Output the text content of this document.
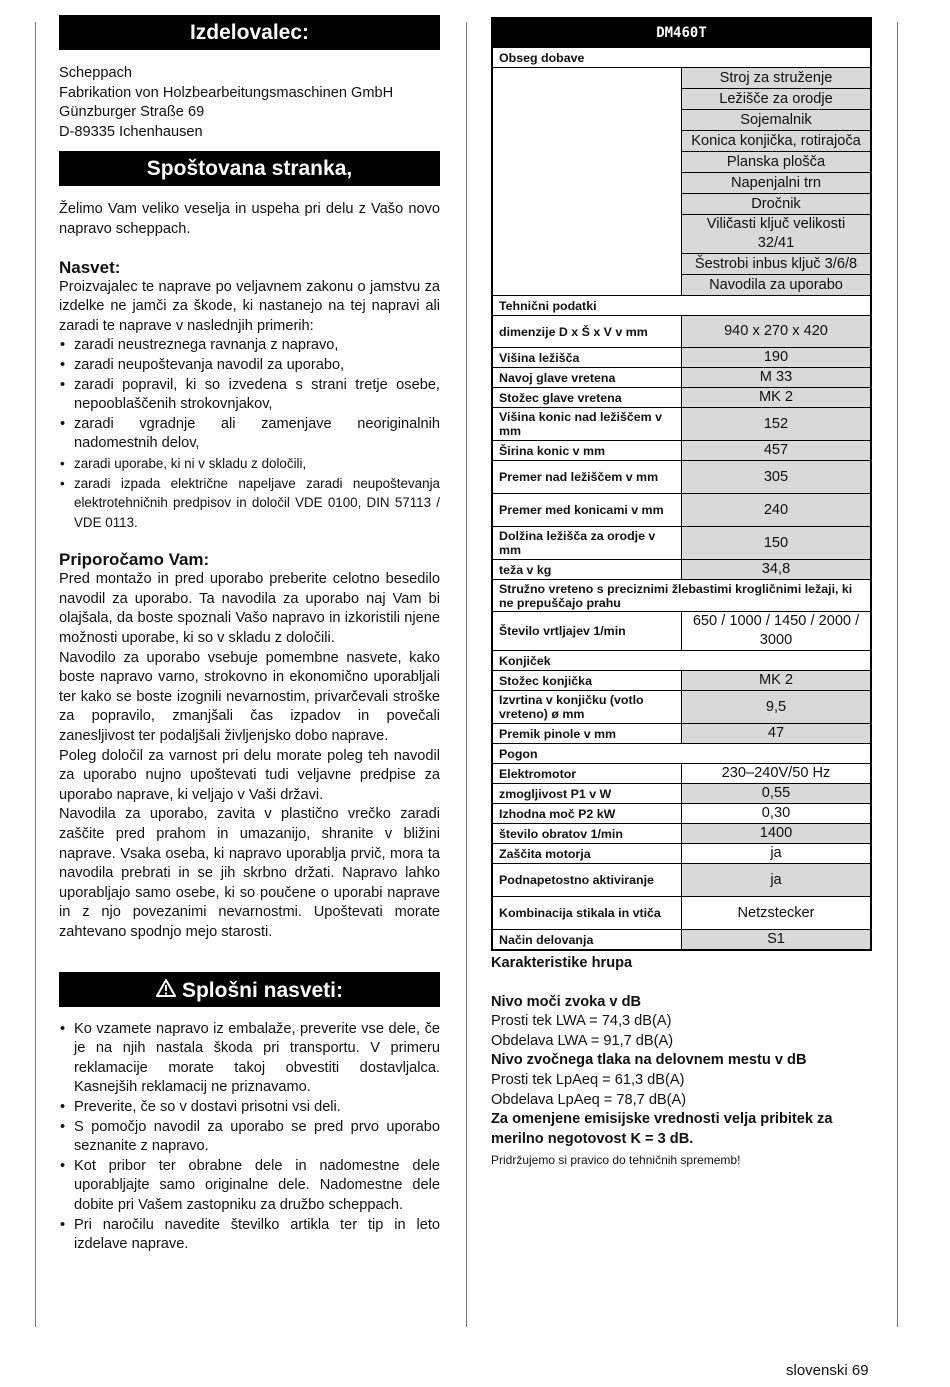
Izdelovalec:
Scheppach
Fabrikation von Holzbearbeitungsmaschinen GmbH
Günzburger Straße 69
D-89335 Ichenhausen
Spoštovana stranka,

Želimo Vam veliko veselja in uspeha pri delu z Vašo novo napravo scheppach.

Nasvet:

Proizvajalec te naprave po veljavnem zakonu o jamstvu za izdelke ne jamči za škode, ki nastanejo na tej napravi ali zaradi te naprave v naslednjih primerih:

• zaradi neustreznega ravnanja z napravo,
• zaradi neupoštevanja navodil za uporabo,
• zaradi popravil, ki so izvedena s strani tretje osebe, nepooblaščenih strokovnjakov,
• zaradi vgradnje ali zamenjave neoriginalnih nadomestnih delov,
• zaradi uporabe, ki ni v skladu z določili,
• zaradi izpada električne napeljave zaradi neupoštevanja elektrotehničnih predpisov in določil VDE 0100, DIN 57113 / VDE 0113.
Priporočamo Vam:

Pred montažo in pred uporabo preberite celotno besedilo navodil za uporabo. Ta navodila za uporabo naj Vam bi olajšala, da boste spoznali Vašo napravo in izkoristili njene možnosti uporabe, ki so v skladu z določili.

Navodilo za uporabo vsebuje pomembne nasvete, kako boste napravo varno, strokovno in ekonomično uporabljali ter kako se boste izognili nevarnostim, privarčevali stroške za popravilo, zmanjšali čas izpadov in povečali zanesljivost ter podaljšali življenjsko dobo naprave.

Poleg določil za varnost pri delu morate poleg teh navodil za uporabo nujno upoštevati tudi veljavne predpise za uporabo naprave, ki veljajo v Vaši državi.

Navodila za uporabo, zavita v plastično vrečko zaradi zaščite pred prahom in umazanijo, shranite v bližini naprave. Vsaka oseba, ki napravo uporablja prvič, mora ta navodila prebrati in se jih skrbno držati. Napravo lahko uporabljajo samo osebe, ki so poučene o uporabi naprave in z njo povezanimi nevarnostmi. Upoštevati morate zahtevano spodnjo mejo starosti.

Splošni nasveti:
• Ko vzamete napravo iz embalaže, preverite vse dele, če je na njih nastala škoda pri transportu. V primeru reklamacije morate takoj obvestiti dostavljalca. Kasnejših reklamacij ne priznavamo.
• Preverite, če so v dostavi prisotni vsi deli.
• S pomočjo navodil za uporabo se pred prvo uporabo seznanite z napravo.
• Kot pribor ter obrabne dele in nadomestne dele uporabljajte samo originalne dele. Nadomestne dele dobite pri Vašem zastopniku za družbo scheppach.
• Pri naročilu navedite številko artikla ter tip in leto izdelave naprave.
DM460T	
Obseg dobave	
	Stroj za struženje
	Ležišče za orodje
	Sojemalnik
	Konica konjička, rotirajoča
	Planska plošča
	Napenjalni trn
	Dročnik
	Viličasti ključ velikosti 32/41
	Šestrobi inbus ključ 3/6/8
	Navodila za uporabo
Tehnični podatki	
dimenzije D x Š x V v mm	940 x 270 x 420
Višina ležišča	190
Navoj glave vretena	M 33
Stožec glave vretena	MK 2
Višina konic nad ležiščem v mm	152
Širina konic v mm	457
Premer nad ležiščem v mm	305
Premer med konicami v mm	240
Dolžina ležišča za orodje v mm	150
teža v kg	34,8
Stružno vreteno s preciznimi žlebastimi krogličnimi ležaji, ki ne prepuščajo prahu	
Število vrtljajev 1/min	650 / 1000 / 1450 / 2000 / 3000
Konjiček	
Stožec konjička	MK 2
Izvrtina v konjičku (votlo vreteno) ø mm	9,5
Premik pinole v mm	47
Pogon	
Elektromotor	230–240V/50 Hz
zmogljivost P1 v W	0,55
Izhodna moč P2 kW	0,30
število obratov 1/min	1400
Zaščita motorja	ja
Podnapetostno aktiviranje	ja
Kombinacija stikala in vtiča	Netzstecker
Način delovanja	S1
Karakteristike hrupa
Nivo moči zvoka v dB
Prosti tek LWA = 74,3 dB(A)
Obdelava LWA = 91,7 dB(A)
Nivo zvočnega tlaka na delovnem mestu v dB
Prosti tek LpAeq = 61,3 dB(A)
Obdelava LpAeq = 78,7 dB(A)
Za omenjene emisijske vrednosti velja pribitek za merilno negotovost K = 3 dB.
Pridržujemo si pravico do tehničnih sprememb!
slovenski 69
